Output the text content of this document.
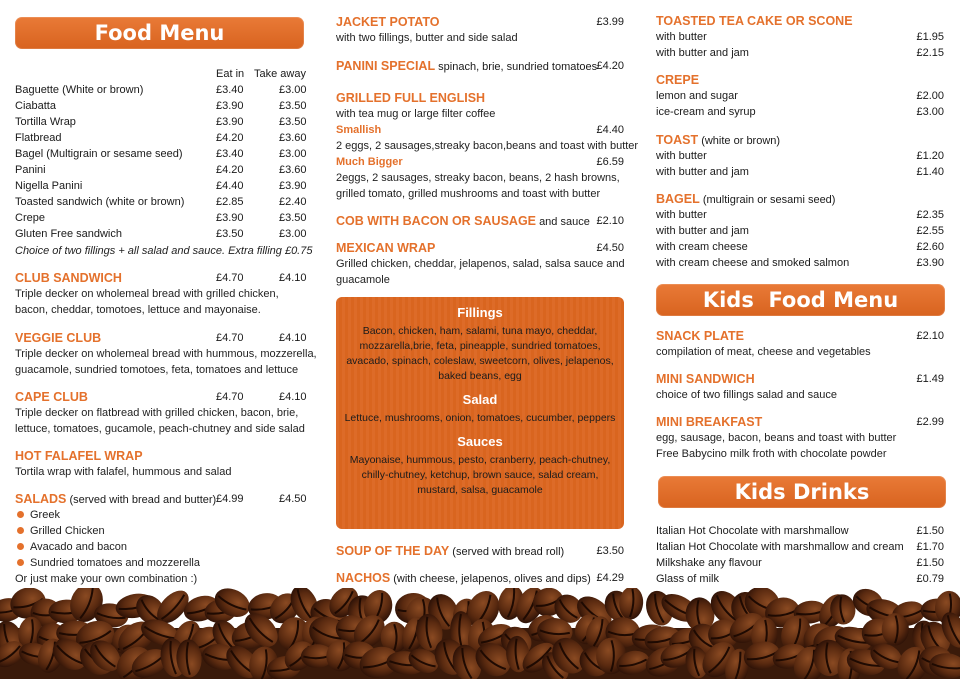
Food Menu
Eat in Take away
Baguette (White or brown)	£3.40	£3.00
Ciabatta	£3.90	£3.50
Tortilla Wrap	£3.90	£3.50
Flatbread	£4.20	£3.60
Bagel (Multigrain or sesame seed)	£3.40	£3.00
Panini	£4.20	£3.60
Nigella Panini	£4.40	£3.90
Toasted sandwich (white or brown)	£2.85	£2.40
Crepe	£3.90	£3.50
Gluten Free sandwich	£3.50	£3.00
Choice of two fillings + all salad and sauce. Extra filling £0.75
CLUB SANDWICH	£4.70	£4.10
Triple decker on wholemeal bread with grilled chicken,
bacon, cheddar, tomotoes, lettuce and mayonaise.
VEGGIE CLUB	£4.70	£4.10
Triple decker on wholemeal bread with hummous, mozzerella,
guacamole, sundried tomotoes, feta, tomatoes and lettuce
CAPE CLUB	£4.70	£4.10
Triple decker on flatbread with grilled chicken, bacon, brie,
lettuce, tomatoes, gucamole, peach-chutney and side salad
HOT FALAFEL WRAP
Tortila wrap with falafel, hummous and salad
SALADS (served with bread and butter) £4.99	£4.50
Greek
Grilled Chicken
Avacado and bacon
Sundried tomatoes and mozzerella
Or just make your own combination :)
JACKET POTATO	£3.99
with two fillings, butter and side salad
PANINI SPECIAL spinach, brie, sundried tomatoes £4.20
GRILLED FULL ENGLISH
with tea mug or large filter coffee
Smallish	£4.40
2 eggs, 2 sausages,streaky bacon,beans and toast with butter
Much Bigger	£6.59
2eggs, 2 sausages, streaky bacon, beans, 2 hash browns,
grilled tomato, grilled mushrooms and toast with butter
COB WITH BACON OR SAUSAGE and sauce £2.10
MEXICAN WRAP	£4.50
Grilled chicken, cheddar, jelapenos, salad, salsa sauce and
guacamole
SOUP OF THE DAY (served with bread roll)	£3.50
NACHOS (with cheese, jelapenos, olives and dips) £4.29
Fillings
Bacon, chicken, ham, salami, tuna mayo, cheddar,
mozzarella,brie, feta, pineapple, sundried tomatoes,
avacado, spinach, coleslaw, sweetcorn, olives, jelapenos,
baked beans, egg
Salad
Lettuce, mushrooms, onion, tomatoes, cucumber, peppers
Sauces
Mayonaise, hummous, pesto, cranberry, peach-chutney,
chilly-chutney, ketchup, brown sauce, salad cream,
mustard, salsa, guacamole
TOASTED TEA CAKE OR SCONE
with butter	£1.95
with butter and jam	£2.15
CREPE
lemon and sugar	£2.00
ice-cream and syrup	£3.00
TOAST (white or brown)
with butter	£1.20
with butter and jam	£1.40
BAGEL (multigrain or sesami seed)
with butter	£2.35
with butter and jam	£2.55
with cream cheese	£2.60
with cream cheese and smoked salmon	£3.90
Kids  Food Menu
SNACK PLATE	£2.10
compilation of meat, cheese and vegetables
MINI SANDWICH	£1.49
choice of two fillings salad and sauce
MINI BREAKFAST	£2.99
egg, sausage, bacon, beans and toast with butter
Free Babycino milk froth with chocolate powder
Kids Drinks
Italian Hot Chocolate with marshmallow	£1.50
Italian Hot Chocolate with marshmallow and cream £1.70
Milkshake any flavour	£1.50
Glass of milk	£0.79
